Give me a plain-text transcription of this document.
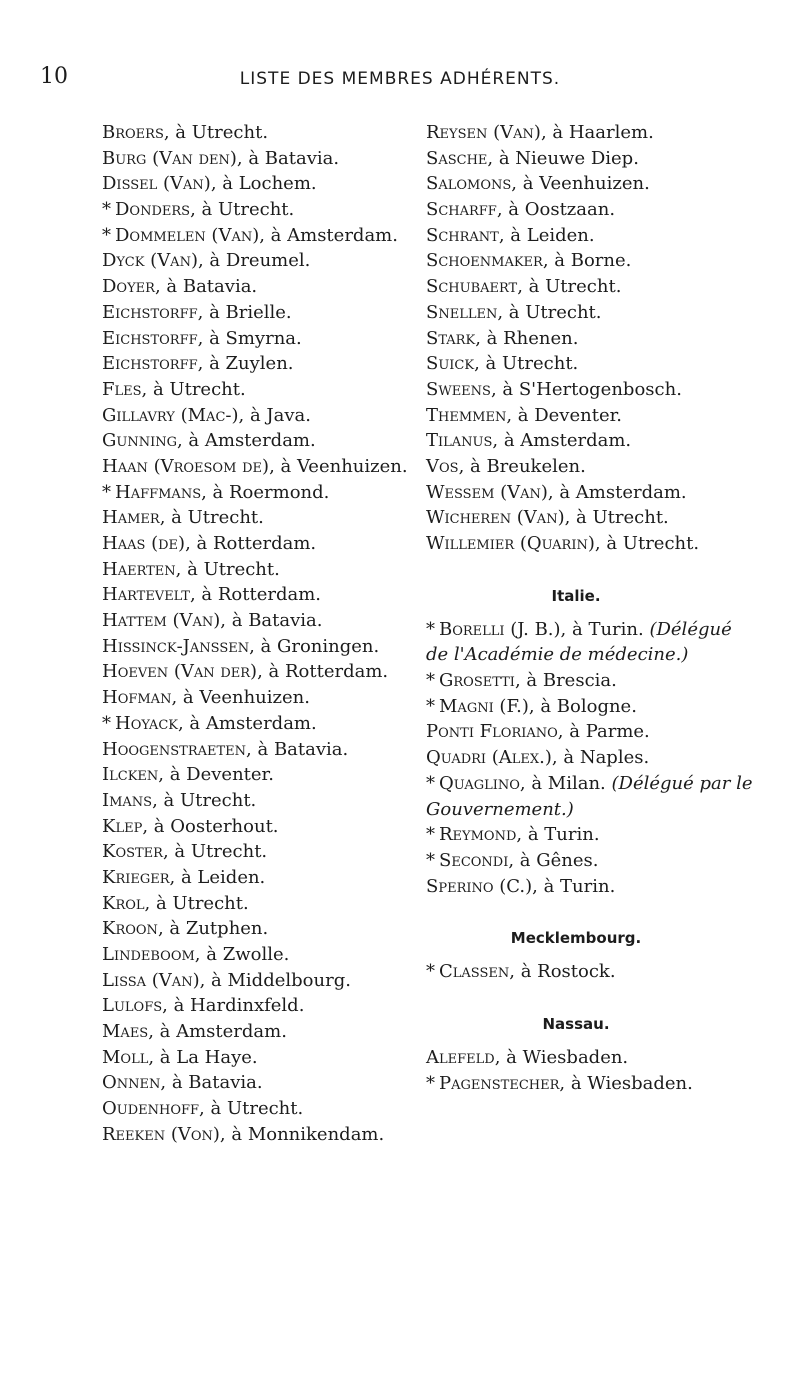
10	LISTE DES MEMBRES ADHÉRENTS.
Broers, à Utrecht.
Burg (Van den), à Batavia.
Dissel (Van), à Lochem.
* Donders, à Utrecht.
* Dommelen (Van), à Amsterdam.
Dyck (Van), à Dreumel.
Doyer, à Batavia.
Eichstorff, à Brielle.
Eichstorff, à Smyrna.
Eichstorff, à Zuylen.
Fles, à Utrecht.
Gillavry (Mac-), à Java.
Gunning, à Amsterdam.
Haan (Vroesom de), à Veenhuizen.
* Haffmans, à Roermond.
Hamer, à Utrecht.
Haas (de), à Rotterdam.
Haerten, à Utrecht.
Hartevelt, à Rotterdam.
Hattem (Van), à Batavia.
Hissinck-Janssen, à Groningen.
Hoeven (Van der), à Rotterdam.
Hofman, à Veenhuizen.
* Hoyack, à Amsterdam.
Hoogenstraeten, à Batavia.
Ilcken, à Deventer.
Imans, à Utrecht.
Klep, à Oosterhout.
Koster, à Utrecht.
Krieger, à Leiden.
Krol, à Utrecht.
Kroon, à Zutphen.
Lindeboom, à Zwolle.
Lissa (Van), à Middelbourg.
Lulofs, à Hardinxfeld.
Maes, à Amsterdam.
Moll, à La Haye.
Onnen, à Batavia.
Oudenhoff, à Utrecht.
Reeken (Von), à Monnikendam.
Reysen (Van), à Haarlem.
Sasche, à Nieuwe Diep.
Salomons, à Veenhuizen.
Scharff, à Oostzaan.
Schrant, à Leiden.
Schoenmaker, à Borne.
Schubaert, à Utrecht.
Snellen, à Utrecht.
Stark, à Rhenen.
Suick, à Utrecht.
Sweens, à S'Hertogenbosch.
Themmen, à Deventer.
Tilanus, à Amsterdam.
Vos, à Breukelen.
Wessem (Van), à Amsterdam.
Wicheren (Van), à Utrecht.
Willemier (Quarin), à Utrecht.
Italie.
* Borelli (J. B.), à Turin. (Délégué de l'Académie de médecine.)
* Grosetti, à Brescia.
* Magni (F.), à Bologne.
Ponti Floriano, à Parme.
Quadri (Alex.), à Naples.
* Quaglino, à Milan. (Délégué par le Gouvernement.)
* Reymond, à Turin.
* Secondi, à Gênes.
Sperino (C.), à Turin.
Mecklembourg.
* Classen, à Rostock.
Nassau.
Alefeld, à Wiesbaden.
* Pagenstecher, à Wiesbaden.
